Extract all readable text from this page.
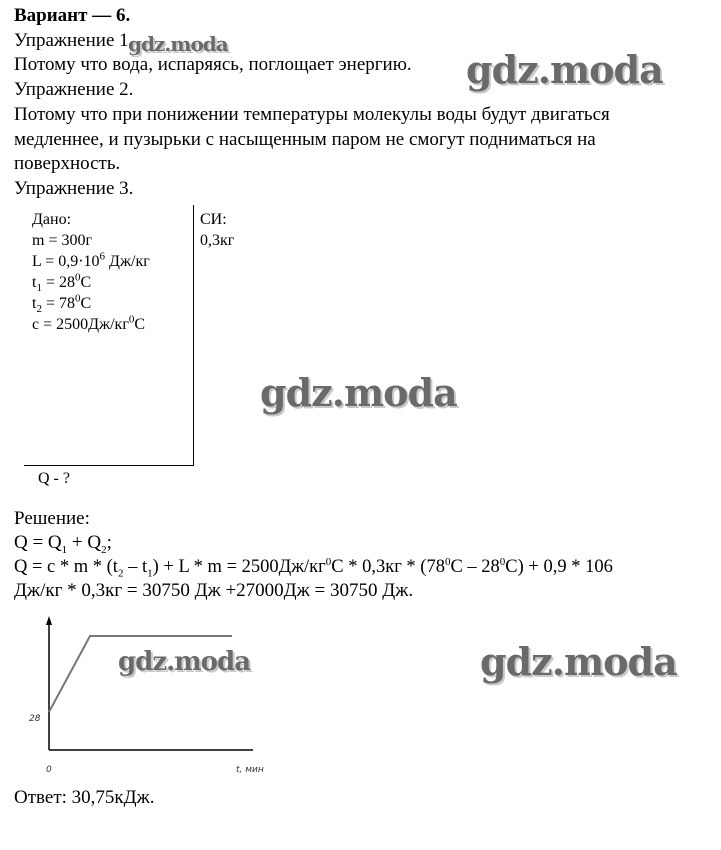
Вариант — 6.
Упражнение 1.
Потому что вода, испаряясь, поглощает энергию.
Упражнение 2.
Потому что при понижении температуры молекулы воды будут двигаться
медленнее, и пузырьки с насыщенным паром не смогут подниматься на
поверхность.
Упражнение 3.
Дано:
m = 300г
$L = 0,9\cdot 10^6$ Дж/кг
$t_1 = 28^0C$
$t_2 = 78^0C$
$c = 2500Дж/кг^0C$
СИ:
0,3кг
Q - ?
Решение:
$Q = Q_1 + Q_2$;
$Q = c * m * (t_2 - t_1) + L * m = 2500Дж/кг^0С * 0,3кг * (78^0С - 28^0С) + 0,9 * 106$
Дж/кг * 0,3кг = 30750 Дж +27000Дж = 30750 Дж.
28
0	t, мин
Ответ: 30,75кДж.
gdz.moda
gdz.moda
gdz.moda
gdz.moda	gdz.moda
